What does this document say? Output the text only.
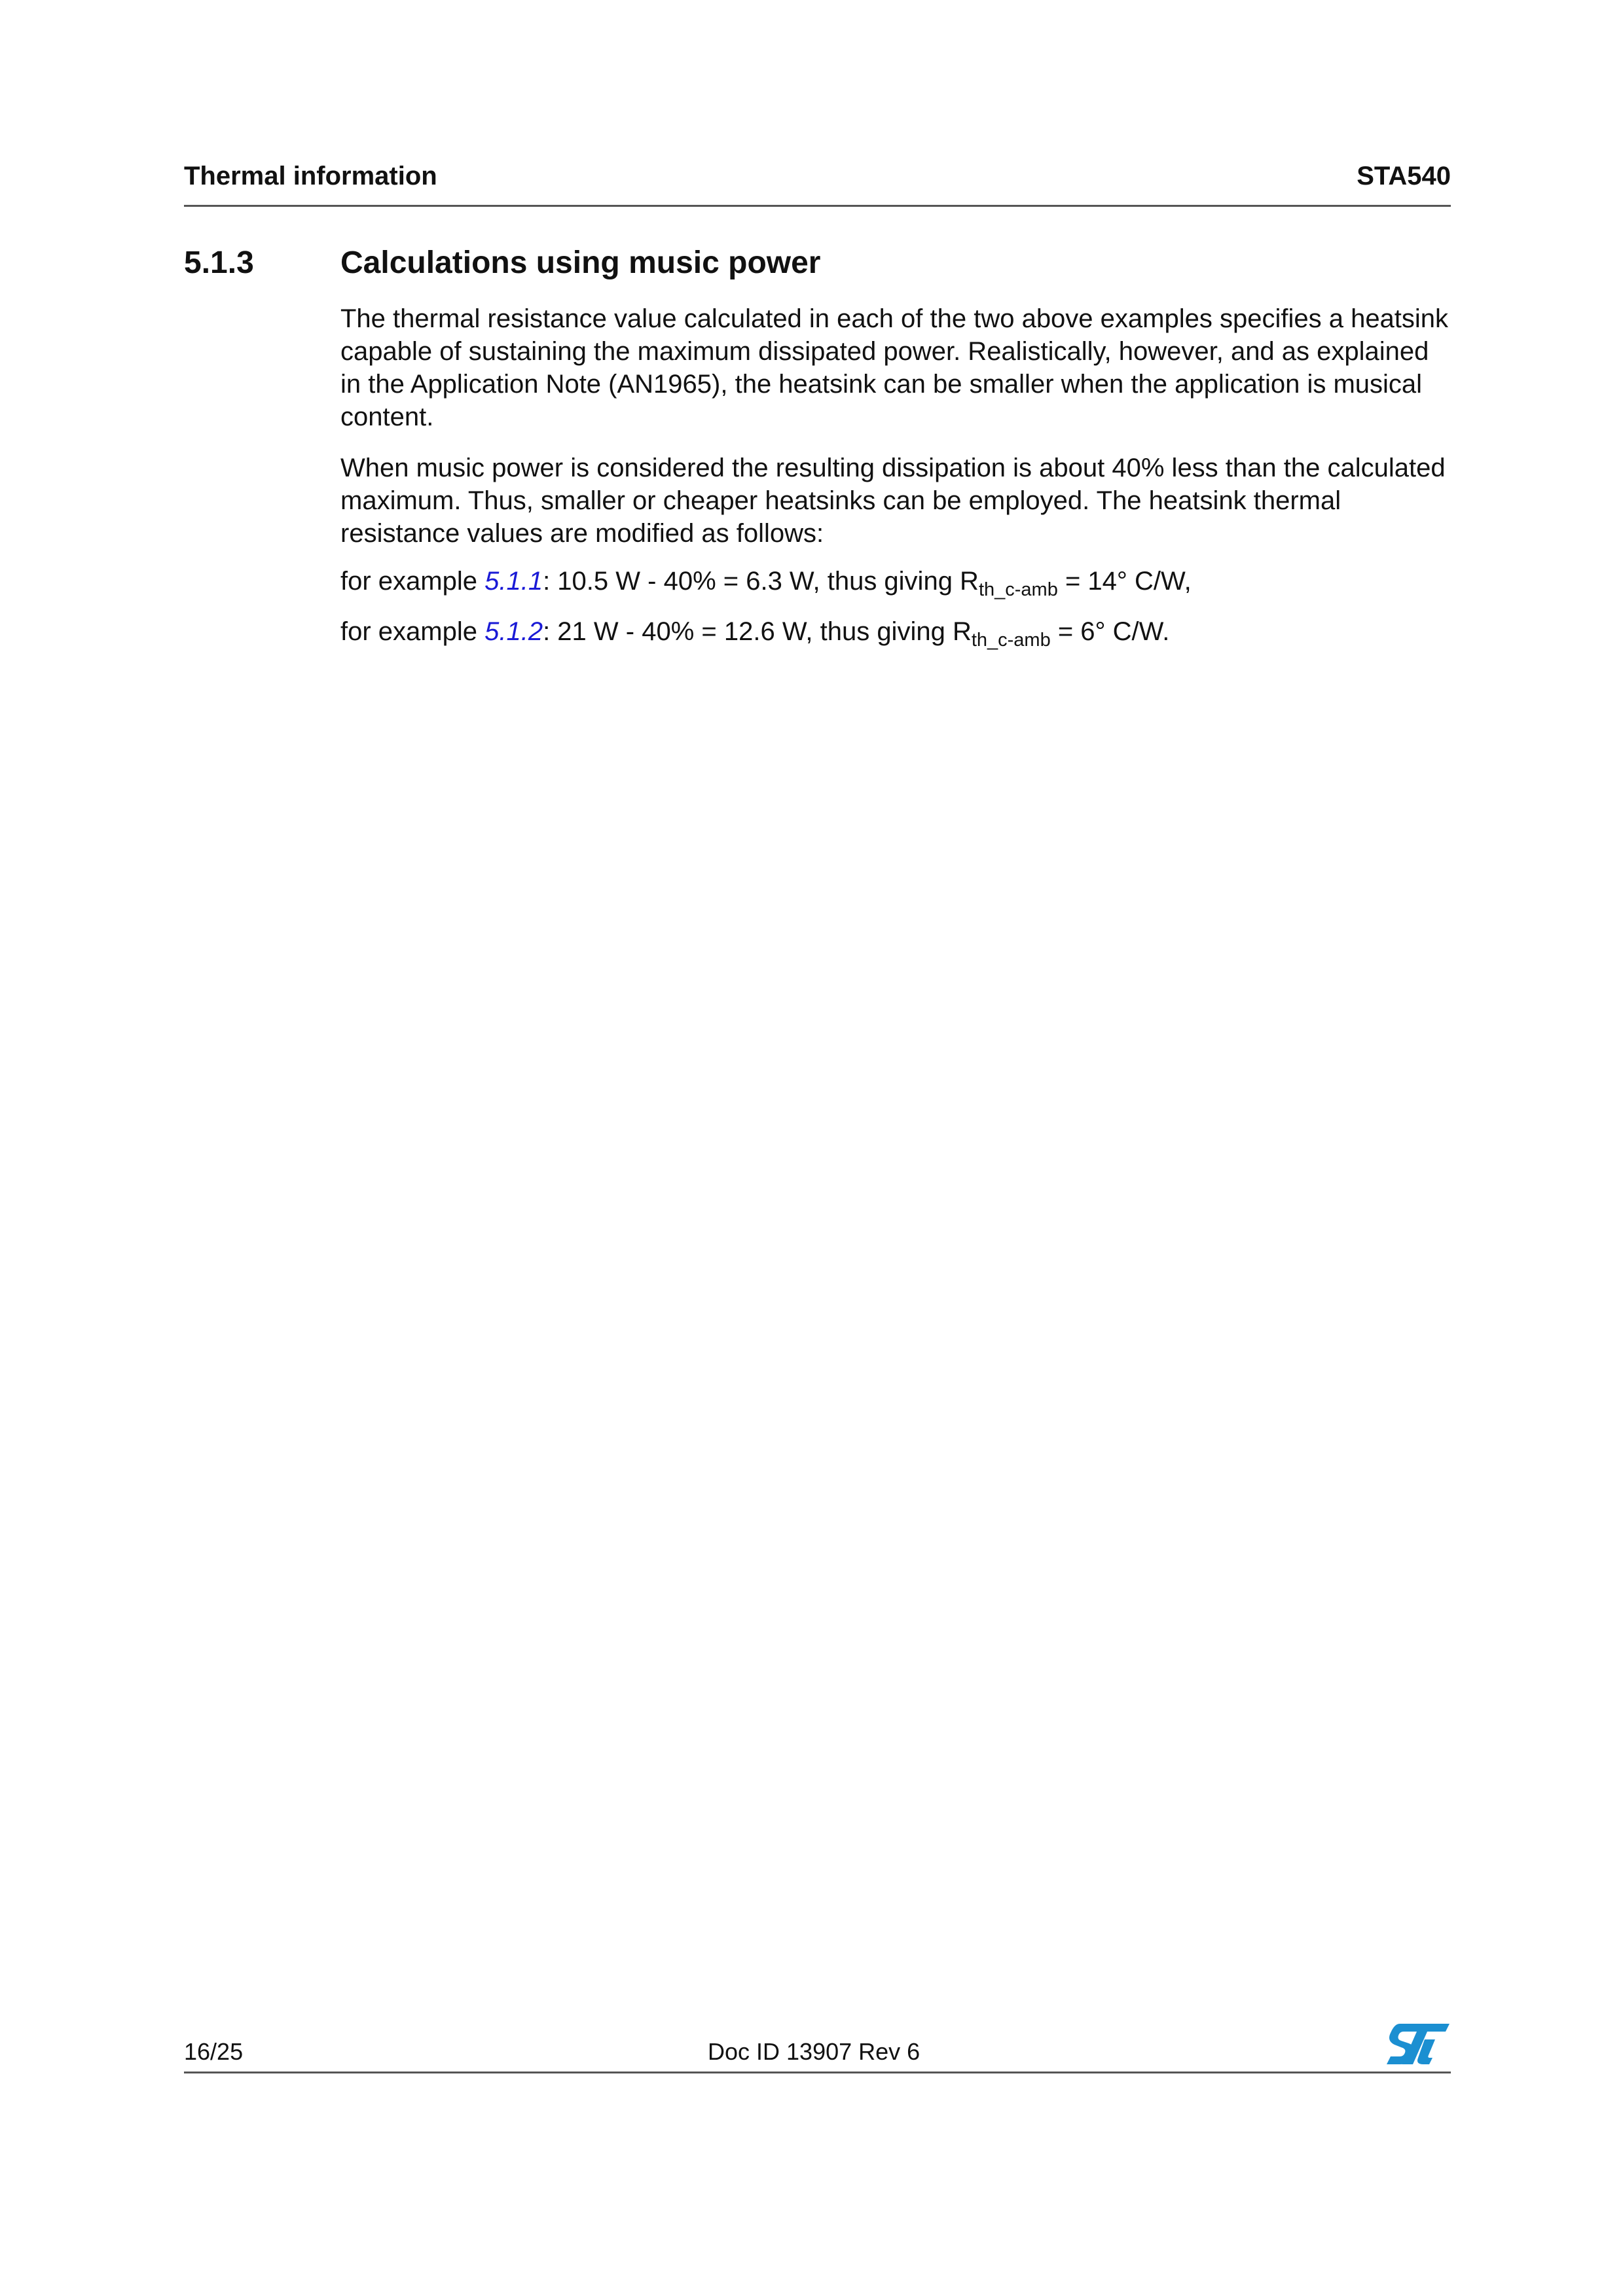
Thermal information	STA540
5.1.3	Calculations using music power

The thermal resistance value calculated in each of the two above examples specifies a heatsink capable of sustaining the maximum dissipated power. Realistically, however, and as explained in the Application Note (AN1965), the heatsink can be smaller when the application is musical content.

When music power is considered the resulting dissipation is about 40% less than the calculated maximum. Thus, smaller or cheaper heatsinks can be employed. The heatsink thermal resistance values are modified as follows:

for example 5.1.1: 10.5 W - 40% = 6.3 W, thus giving $R_{th\_c-amb} = 14^\circ$ C/W,

for example 5.1.2: 21 W - 40% = 12.6 W, thus giving $R_{th\_c-amb} = 6^\circ$ C/W.

16/25	Doc ID 13907 Rev 6
